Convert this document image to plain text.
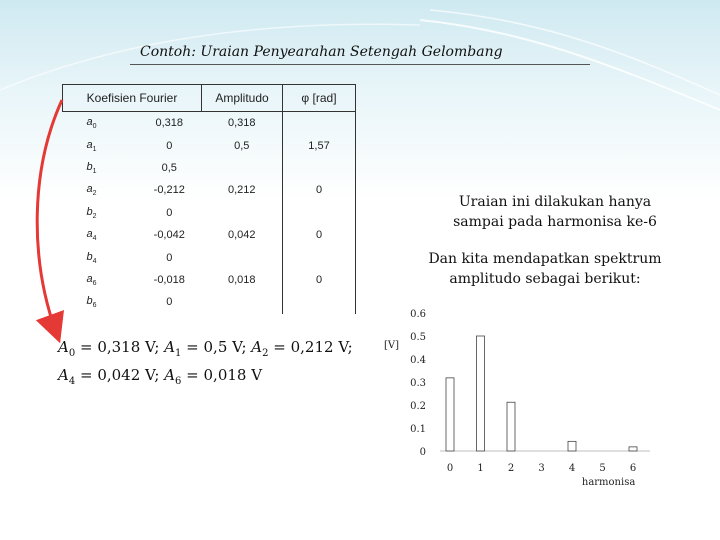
Contoh: Uraian Penyearahan Setengah Gelombang
Koefisien Fourier		Amplitudo	φ [rad]
$a_0$	0,318	0,318	
$a_1$	0	0,5	1,57
$b_1$	0,5		
$a_2$	-0,212	0,212	0
$b_2$	0		
$a_4$	-0,042	0,042	0
$b_4$	0		
$a_6$	-0,018	0,018	0
$b_6$	0		
Uraian ini dilakukan hanya
sampai pada harmonisa ke-6
Dan kita mendapatkan spektrum
amplitudo sebagai berikut:
$A_0 = 0,318$ V; $A_1 = 0,5$ V; $A_2 = 0,212$ V;
$A_4 = 0,042$ V; $A_6 = 0,018$ V
0
0.1
0.2
0.3
0.4
0.5
0.6
[V]
0 1 2 3 4 5 6
harmonisa
